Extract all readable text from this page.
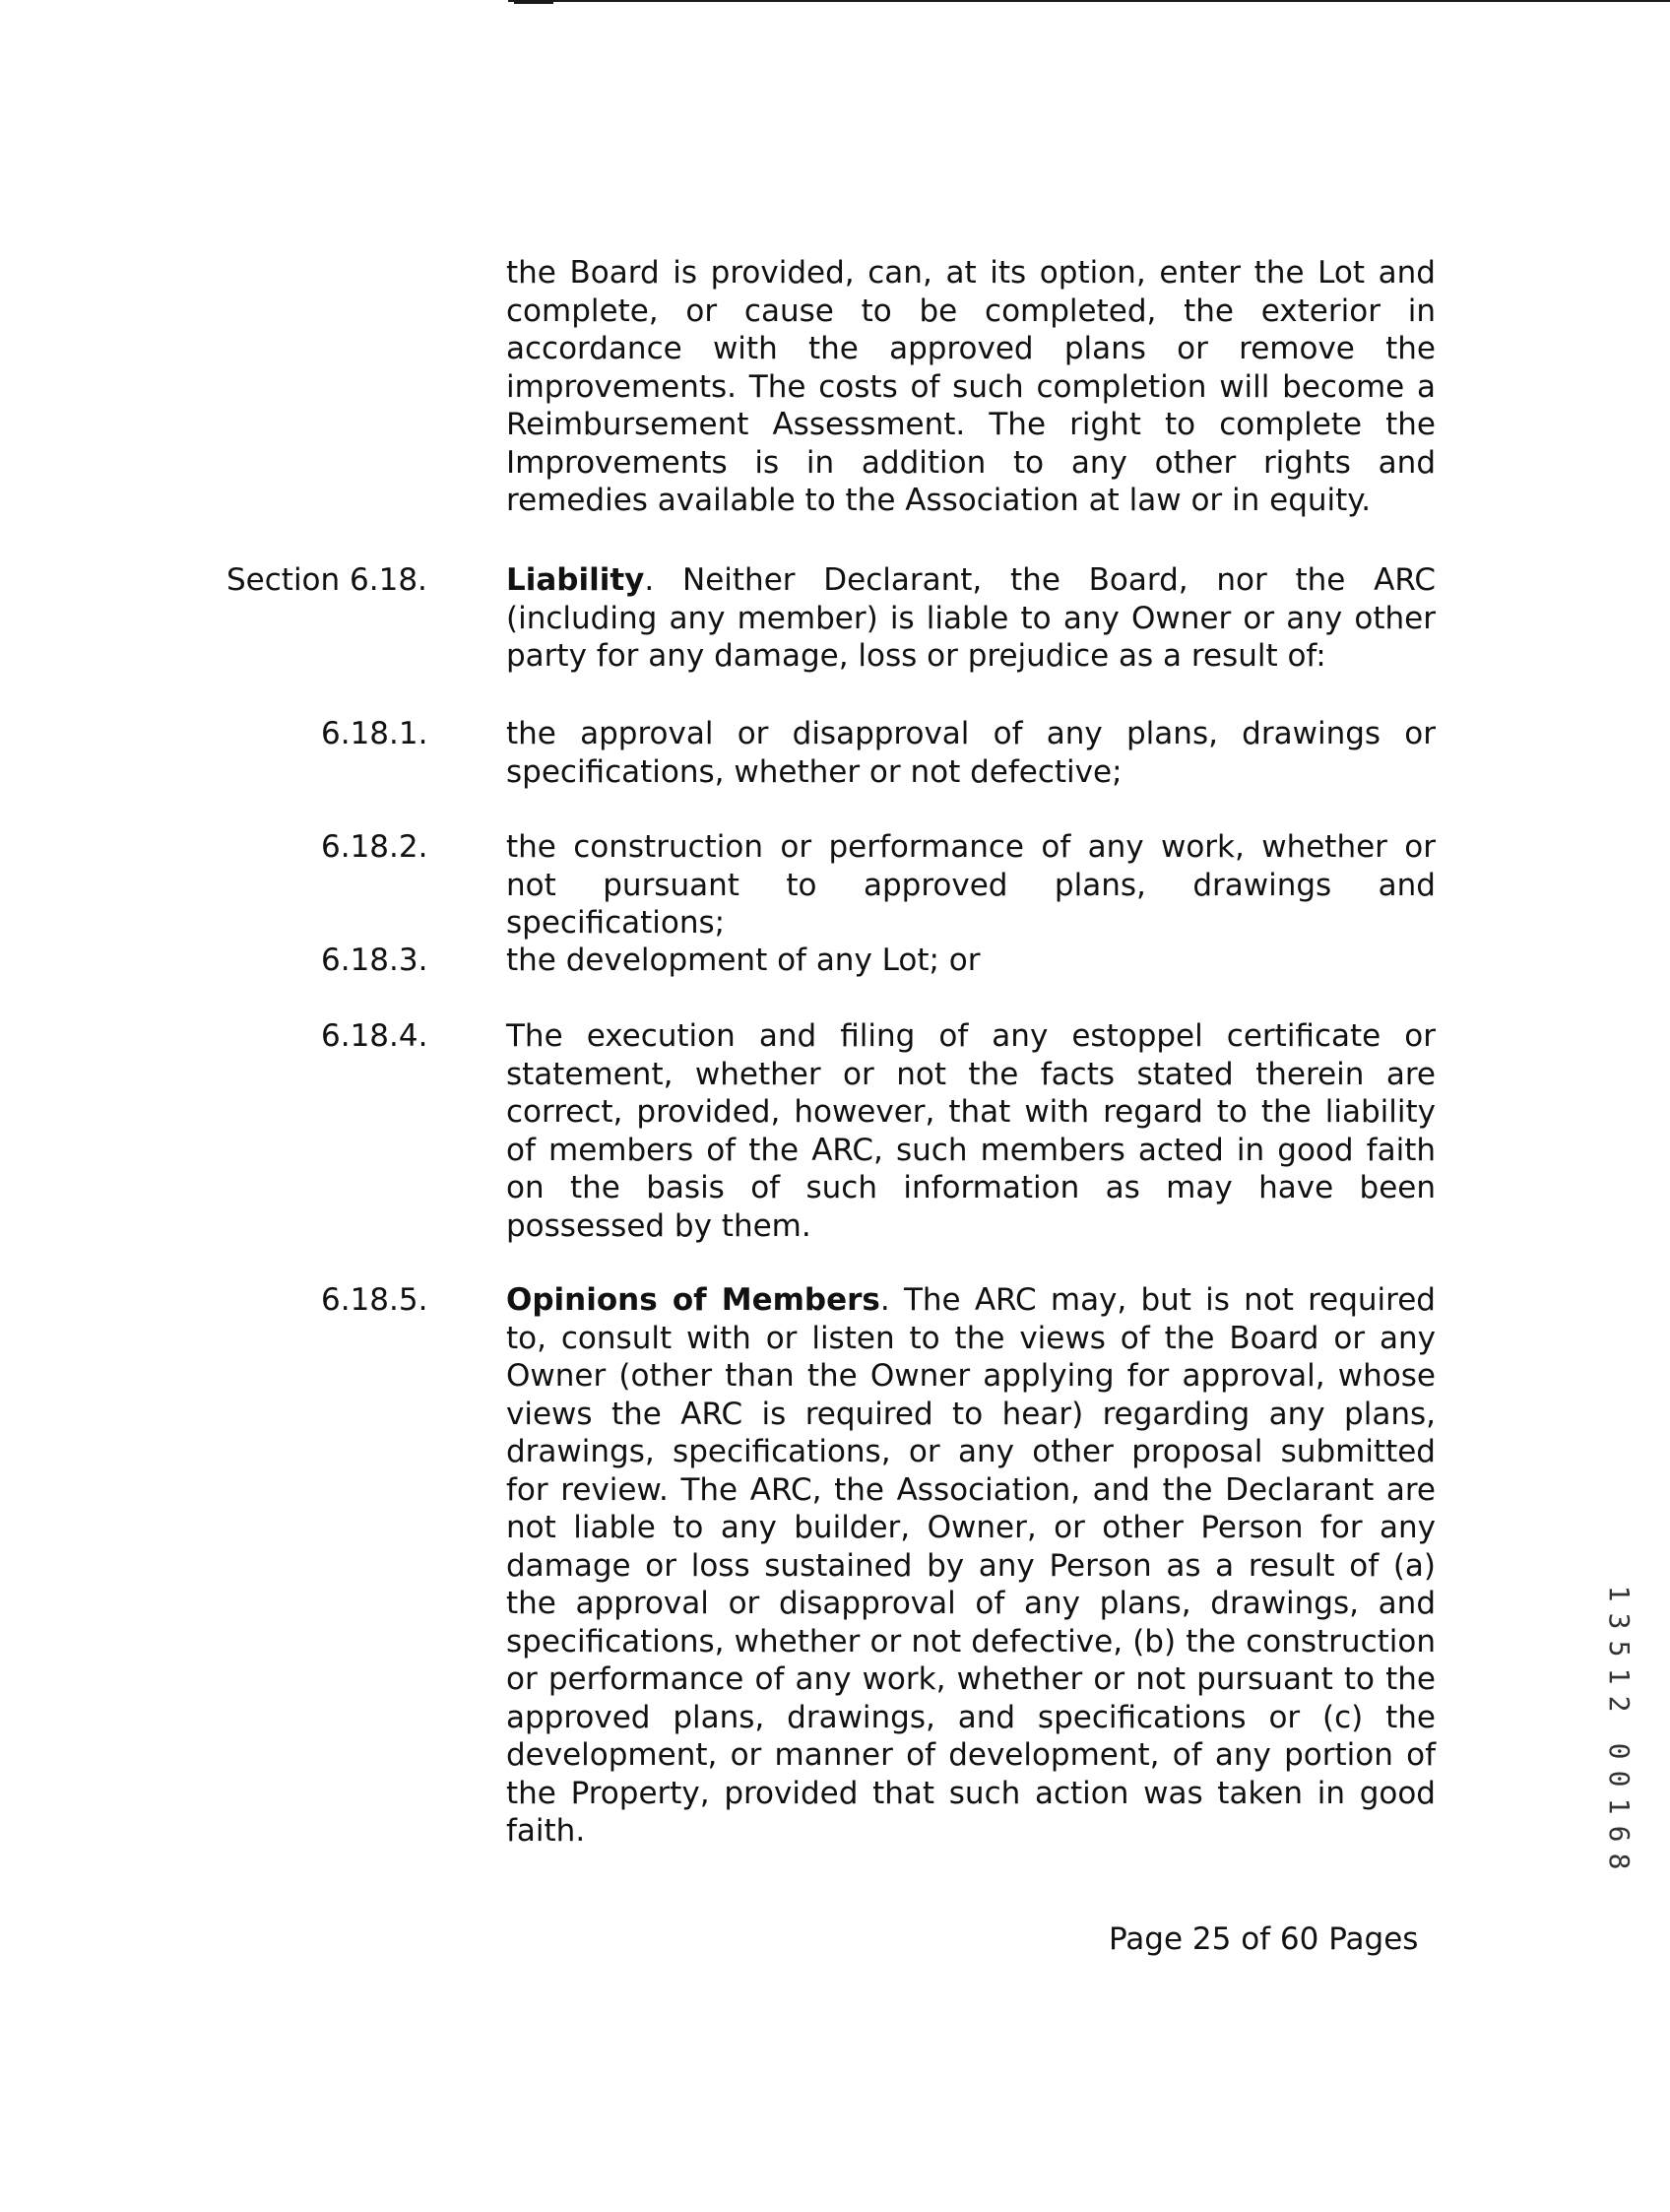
the Board is provided, can, at its option, enter the Lot and complete, or cause to be completed, the exterior in accordance with the approved plans or remove the improvements. The costs of such completion will become a Reimbursement Assessment. The right to complete the Improvements is in addition to any other rights and remedies available to the Association at law or in equity.

Section 6.18.	Liability. Neither Declarant, the Board, nor the ARC (including any member) is liable to any Owner or any other party for any damage, loss or prejudice as a result of:

6.18.1.	the approval or disapproval of any plans, drawings or specifications, whether or not defective;

6.18.2.	the construction or performance of any work, whether or not pursuant to approved plans, drawings and specifications;

6.18.3.	the development of any Lot; or

6.18.4.	The execution and filing of any estoppel certificate or statement, whether or not the facts stated therein are correct, provided, however, that with regard to the liability of members of the ARC, such members acted in good faith on the basis of such information as may have been possessed by them.

6.18.5.	Opinions of Members. The ARC may, but is not required to, consult with or listen to the views of the Board or any Owner (other than the Owner applying for approval, whose views the ARC is required to hear) regarding any plans, drawings, specifications, or any other proposal submitted for review. The ARC, the Association, and the Declarant are not liable to any builder, Owner, or other Person for any damage or loss sustained by any Person as a result of (a) the approval or disapproval of any plans, drawings, and specifications, whether or not defective, (b) the construction or performance of any work, whether or not pursuant to the approved plans, drawings, and specifications or (c) the development, or manner of development, of any portion of the Property, provided that such action was taken in good faith.

Page 25 of 60 Pages
1
3
5
1
2
0
0
1
6
8
